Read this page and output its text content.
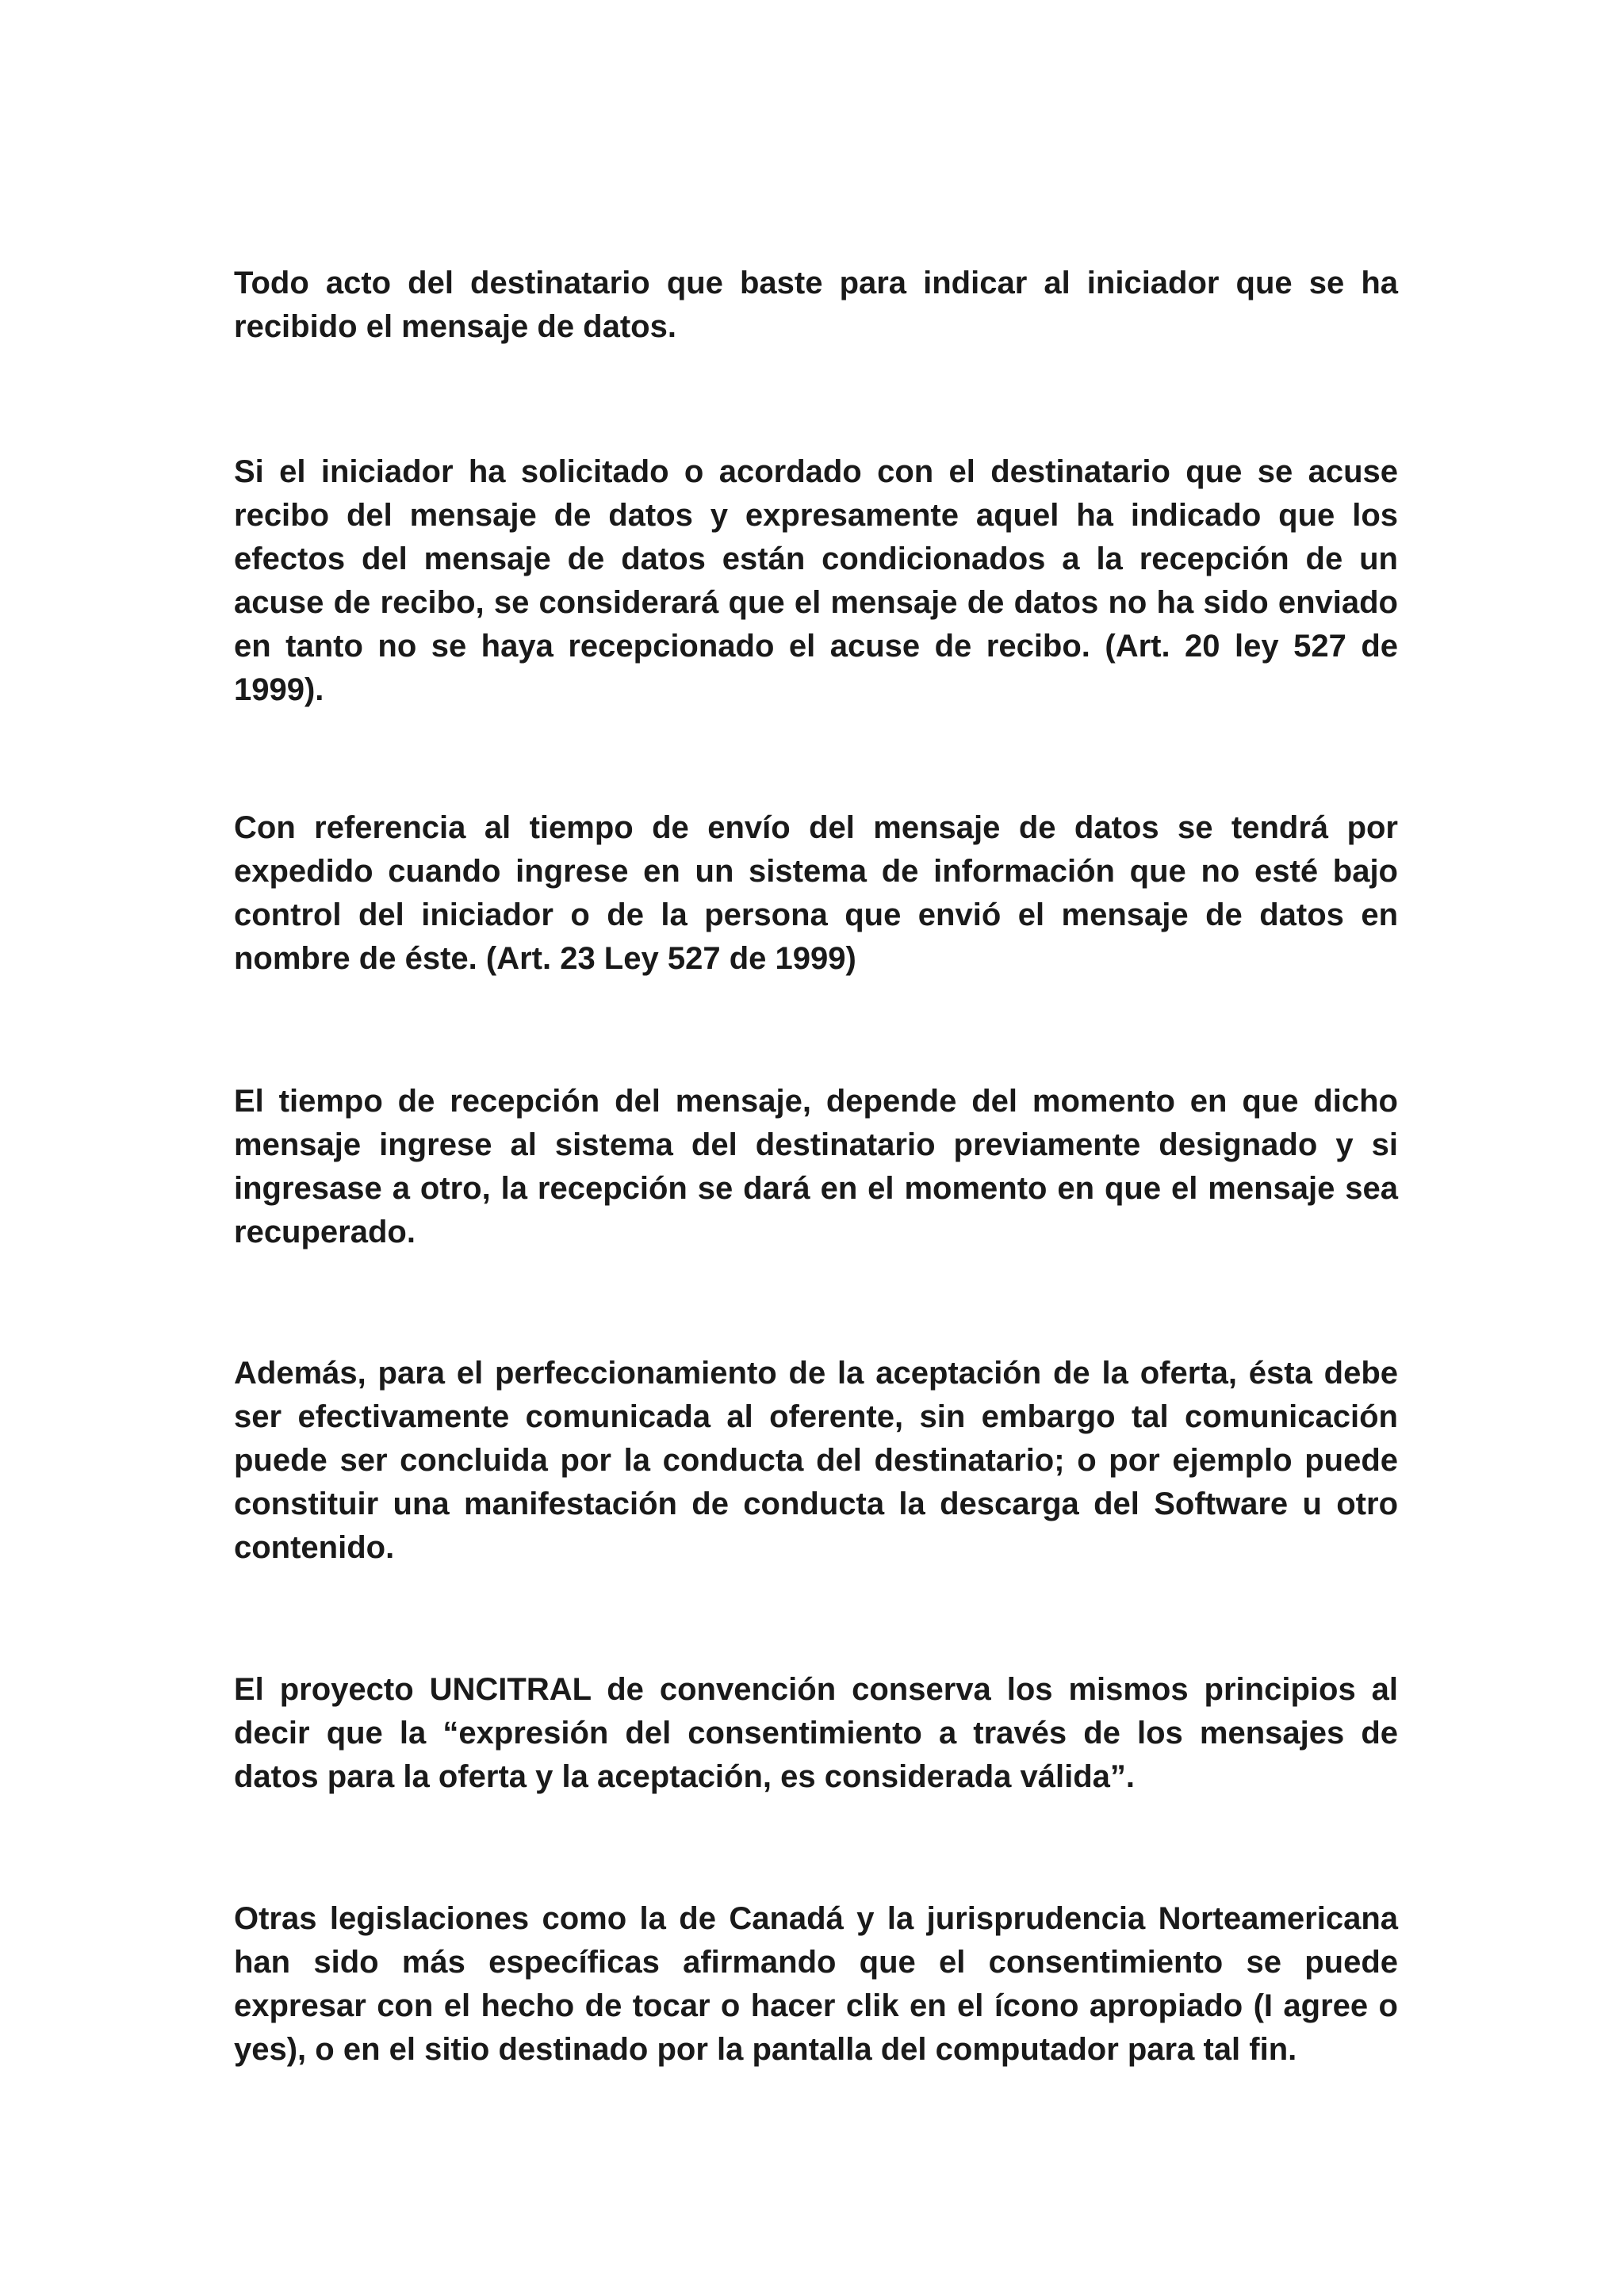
Todo acto del destinatario que baste para indicar al iniciador que se ha recibido el mensaje de datos.

Si el iniciador ha solicitado o acordado con el destinatario que se acuse recibo del mensaje de datos y expresamente aquel ha indicado que los efectos del mensaje de datos están condicionados a la recepción de un acuse de recibo, se considerará que el mensaje de datos no ha sido enviado en tanto no se haya recepcionado el acuse de recibo. (Art. 20 ley 527 de 1999).

Con referencia al tiempo de envío del mensaje de datos se tendrá por expedido cuando ingrese en un sistema de información que no esté bajo control del iniciador o de la persona que envió el mensaje de datos en nombre de éste. (Art. 23 Ley 527 de 1999)

El tiempo de recepción del mensaje, depende del momento en que dicho mensaje ingrese al sistema del destinatario previamente designado y si ingresase a otro, la recepción se dará en el momento en que el mensaje sea recuperado.

Además, para el perfeccionamiento de la aceptación de la oferta, ésta debe ser efectivamente comunicada al oferente, sin embargo tal comunicación puede ser concluida por la conducta del destinatario; o por ejemplo puede constituir una manifestación de conducta la descarga del Software u otro contenido.

El proyecto UNCITRAL de convención conserva los mismos principios al decir que la “expresión del consentimiento a través de los mensajes de datos para la oferta y la aceptación, es considerada válida”.

Otras legislaciones como la de Canadá y la jurisprudencia Norteamericana han sido más específicas afirmando que el consentimiento se puede expresar con el hecho de tocar o hacer clik en el ícono apropiado (I agree o yes), o en el sitio destinado por la pantalla del computador para tal fin.
